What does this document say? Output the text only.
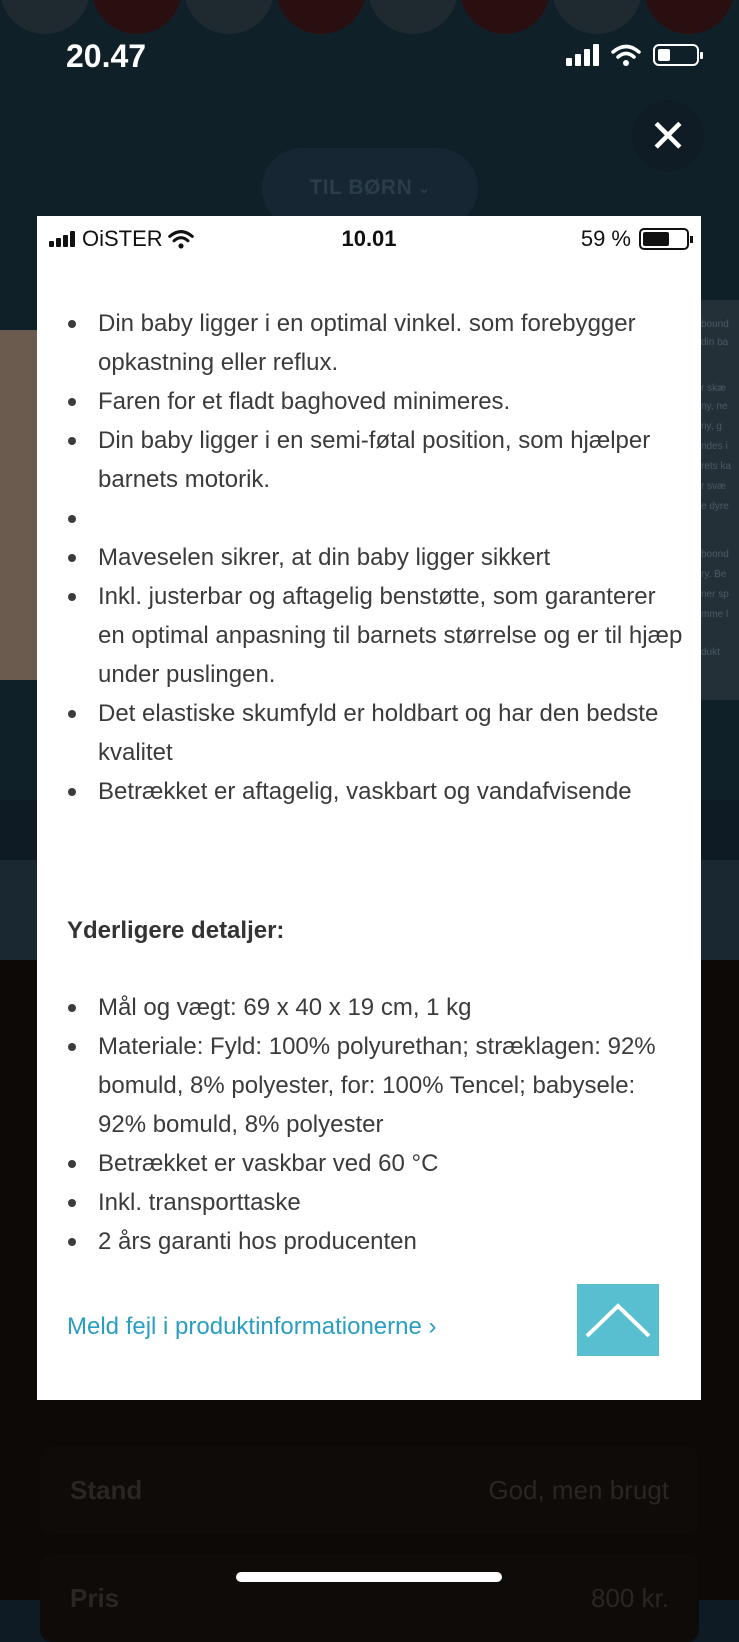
TIL BØRN ⌄
bound
din ba
r skæ
ny, ne
ny, g
ndes i
rets ka
r svæ
e dyre
boond
ry. Be
ner sp
mme l
dukt
Stand	God, men brugt
Pris	800 kr.
20.47
✕
OiSTER	10.01	59 %
Din baby ligger i en optimal vinkel. som forebygger opkastning eller reflux.
Faren for et fladt baghoved minimeres.
Din baby ligger i en semi-føtal position, som hjælper barnets motorik.
Maveselen sikrer, at din baby ligger sikkert
Inkl. justerbar og aftagelig benstøtte, som garanterer en optimal anpasning til barnets størrelse og er til hjæp under puslingen.
Det elastiske skumfyld er holdbart og har den bedste kvalitet
Betrækket er aftagelig, vaskbart og vandafvisende
Yderligere detaljer:
Mål og vægt: 69 x 40 x 19 cm, 1 kg
Materiale: Fyld: 100% polyurethan; stræklagen: 92% bomuld, 8% polyester, for: 100% Tencel; babysele: 92% bomuld, 8% polyester
Betrækket er vaskbar ved 60 °C
Inkl. transporttaske
2 års garanti hos producenten
Meld fejl i produktinformationerne ›
